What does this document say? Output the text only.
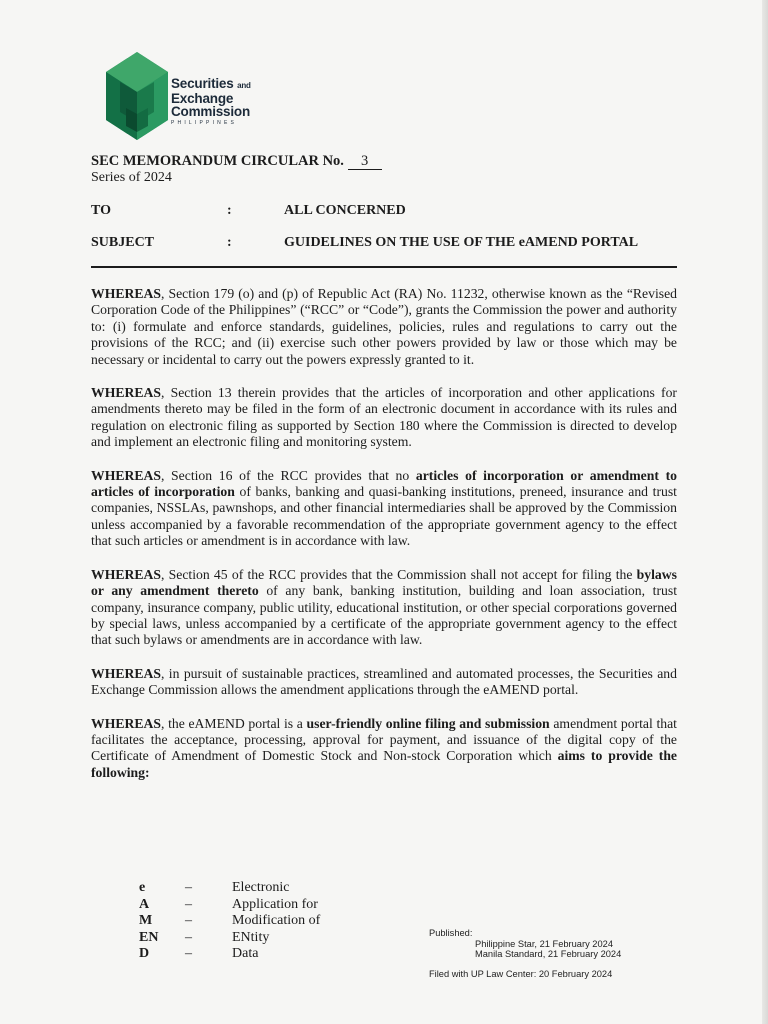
Securities and
Exchange
Commission
PHILIPPINES
SEC MEMORANDUM CIRCULAR No. 3
Series of 2024
TO	:	ALL CONCERNED
SUBJECT	:	GUIDELINES ON THE USE OF THE eAMEND PORTAL

WHEREAS, Section 179 (o) and (p) of Republic Act (RA) No. 11232, otherwise known as the “Revised Corporation Code of the Philippines” (“RCC” or “Code”), grants the Commission the power and authority to: (i) formulate and enforce standards, guidelines, policies, rules and regulations to carry out the provisions of the RCC; and (ii) exercise such other powers provided by law or those which may be necessary or incidental to carry out the powers expressly granted to it.

WHEREAS, Section 13 therein provides that the articles of incorporation and other applications for amendments thereto may be filed in the form of an electronic document in accordance with its rules and regulation on electronic filing as supported by Section 180 where the Commission is directed to develop and implement an electronic filing and monitoring system.

WHEREAS, Section 16 of the RCC provides that no articles of incorporation or amendment to articles of incorporation of banks, banking and quasi-banking institutions, preneed, insurance and trust companies, NSSLAs, pawnshops, and other financial intermediaries shall be approved by the Commission unless accompanied by a favorable recommendation of the appropriate government agency to the effect that such articles or amendment is in accordance with law.

WHEREAS, Section 45 of the RCC provides that the Commission shall not accept for filing the bylaws or any amendment thereto of any bank, banking institution, building and loan association, trust company, insurance company, public utility, educational institution, or other special corporations governed by special laws, unless accompanied by a certificate of the appropriate government agency to the effect that such bylaws or amendments are in accordance with law.

WHEREAS, in pursuit of sustainable practices, streamlined and automated processes, the Securities and Exchange Commission allows the amendment applications through the eAMEND portal.

WHEREAS, the eAMEND portal is a user-friendly online filing and submission amendment portal that facilitates the acceptance, processing, approval for payment, and issuance of the digital copy of the Certificate of Amendment of Domestic Stock and Non-stock Corporation which aims to provide the following:

e	–	Electronic
A	–	Application for
M –	Modification of
EN –	ENtity
D	–	Data
Published:
Philippine Star, 21 February 2024
Manila Standard, 21 February 2024
Filed with UP Law Center: 20 February 2024
